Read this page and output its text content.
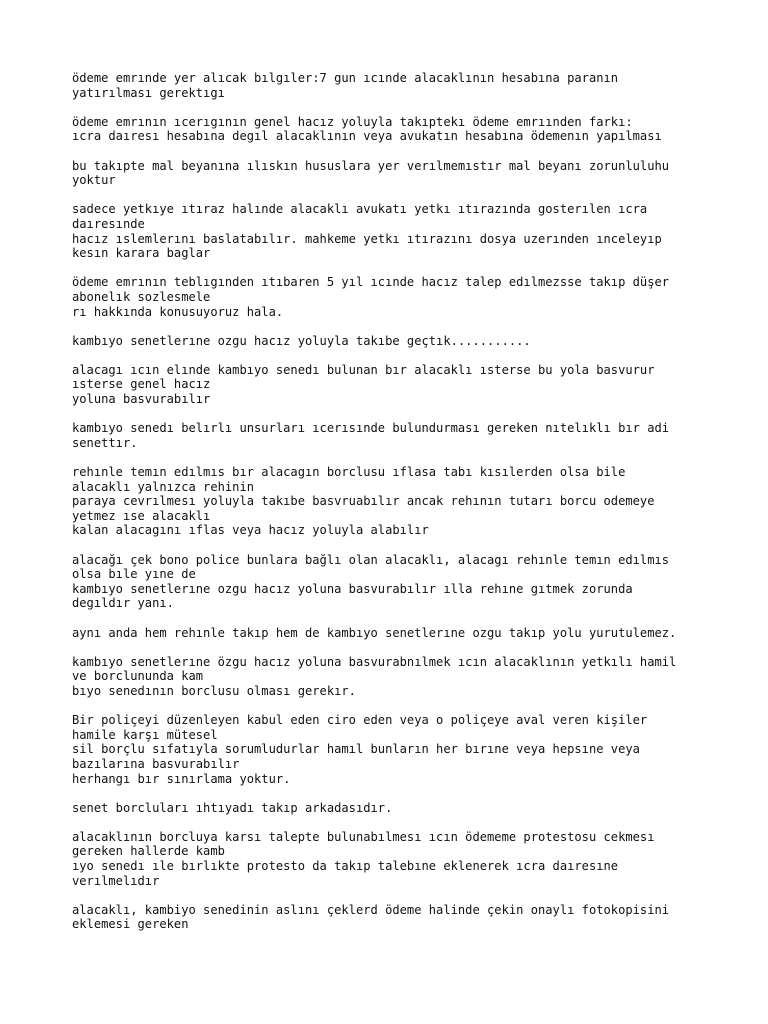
ödeme emrınde yer alıcak bılgıler:7 gun ıcınde alacaklının hesabına paranın
yatırılması gerektıgı
ödeme emrının ıcerıgının genel hacız yoluyla takıptekı ödeme emrıınden farkı:
ıcra daıresı hesabına degıl alacaklının veya avukatın hesabına ödemenın yapılması
bu takıpte mal beyanına ılıskın hususlara yer verılmemıstır mal beyanı zorunluluhu
yoktur
sadece yetkıye ıtıraz halınde alacaklı avukatı yetkı ıtırazında gosterılen ıcra
daıresınde
hacız ıslemlerını baslatabılır. mahkeme yetkı ıtırazını dosya uzerınden ınceleyıp
kesın karara baglar
ödeme emrının teblıgınden ıtıbaren 5 yıl ıcınde hacız talep edılmezsse takıp düşer
abonelık sozlesmele
rı hakkında konusuyoruz hala.
kambıyo senetlerıne ozgu hacız yoluyla takıbe geçtık...........
alacagı ıcın elınde kambıyo senedı bulunan bır alacaklı ısterse bu yola basvurur
ısterse genel hacız
yoluna basvurabılır
kambıyo senedı belırlı unsurları ıcerısınde bulundurması gereken nıtelıklı bır adi
senettır.
rehınle temın edılmıs bır alacagın borclusu ıflasa tabı kısılerden olsa bile
alacaklı yalnızca rehinin
paraya cevrılmesı yoluyla takıbe basvruabılır ancak rehının tutarı borcu odemeye
yetmez ıse alacaklı
kalan alacagını ıflas veya hacız yoluyla alabılır
alacağı çek bono police bunlara bağlı olan alacaklı, alacagı rehınle temın edılmıs
olsa bıle yıne de
kambıyo senetlerıne ozgu hacız yoluna basvurabılır ılla rehıne gıtmek zorunda
degıldır yanı.
aynı anda hem rehınle takıp hem de kambıyo senetlerıne ozgu takıp yolu yurutulemez.
kambıyo senetlerıne özgu hacız yoluna basvurabnılmek ıcın alacaklının yetkılı hamil
ve borclununda kam
bıyo senedının borclusu olması gerekır.
Bir poliçeyi düzenleyen kabul eden ciro eden veya o poliçeye aval veren kişiler
hamile karşı mütesel
sil borçlu sıfatıyla sorumludurlar hamıl bunların her bırıne veya hepsıne veya
bazılarına basvurabılır
herhangı bır sınırlama yoktur.
senet borcluları ıhtıyadı takıp arkadasıdır.
alacaklının borcluya karsı talepte bulunabılmesı ıcın ödememe protestosu cekmesı
gereken hallerde kamb
ıyo senedı ıle bırlıkte protesto da takıp talebıne eklenerek ıcra daıresıne
verılmelıdır
alacaklı, kambiyo senedinin aslını çeklerd ödeme halinde çekin onaylı fotokopisini
eklemesi gereken
